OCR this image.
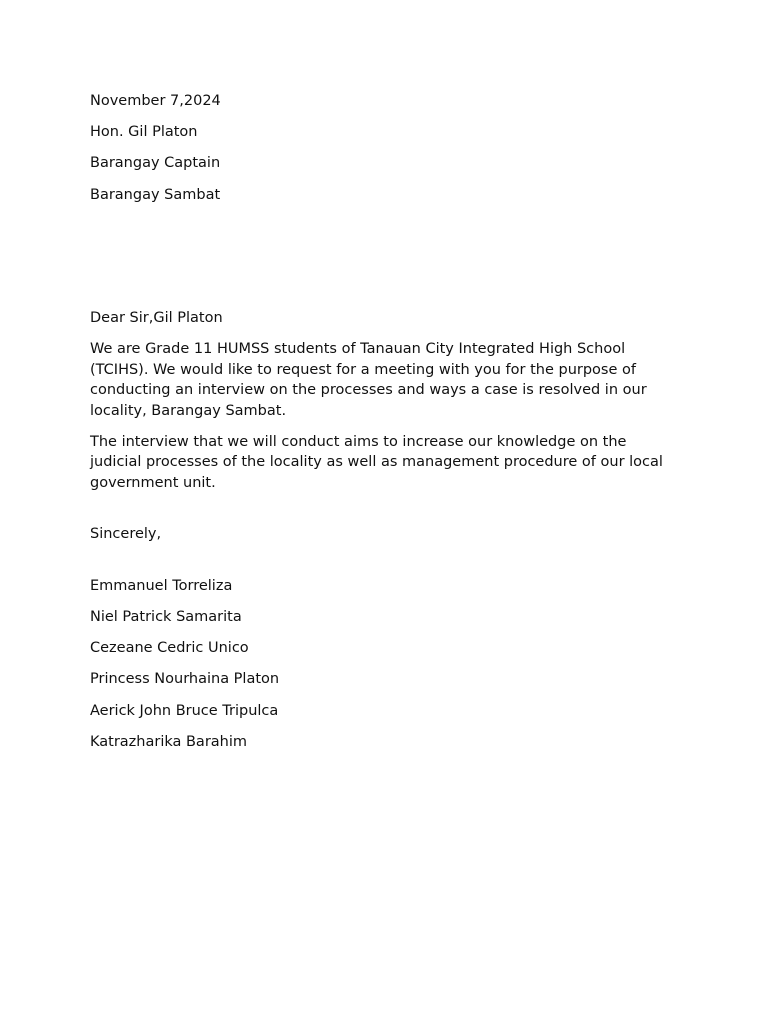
November 7,2024
Hon. Gil Platon
Barangay Captain
Barangay Sambat
Dear Sir,Gil Platon

We are Grade 11 HUMSS students of Tanauan City Integrated High School (TCIHS). We would like to request for a meeting with you for the purpose of conducting an interview on the processes and ways a case is resolved in our locality, Barangay Sambat.

The interview that we will conduct aims to increase our knowledge on the judicial processes of the locality as well as management procedure of our local government unit.

Sincerely,
Emmanuel Torreliza
Niel Patrick Samarita
Cezeane Cedric Unico
Princess Nourhaina Platon
Aerick John Bruce Tripulca
Katrazharika Barahim
